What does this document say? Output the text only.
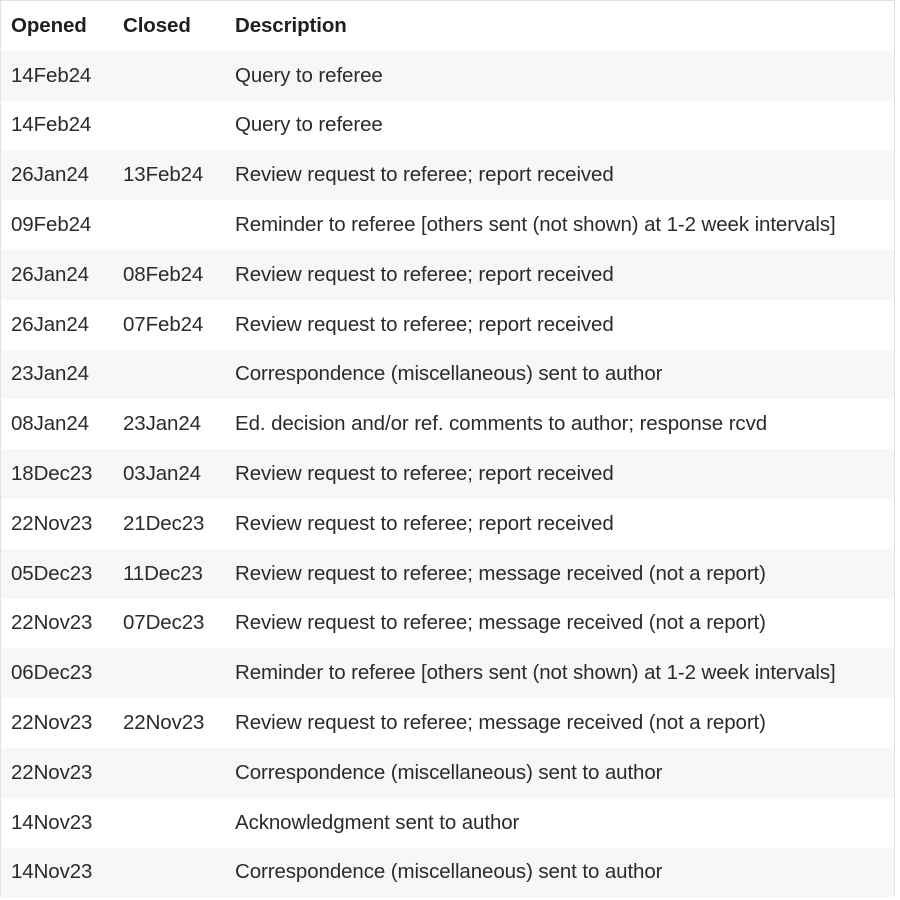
Opened	Closed	Description
14Feb24		Query to referee
14Feb24		Query to referee
26Jan24	13Feb24	Review request to referee; report received
09Feb24		Reminder to referee [others sent (not shown) at 1-2 week intervals]
26Jan24	08Feb24	Review request to referee; report received
26Jan24	07Feb24	Review request to referee; report received
23Jan24		Correspondence (miscellaneous) sent to author
08Jan24	23Jan24	Ed. decision and/or ref. comments to author; response rcvd
18Dec23	03Jan24	Review request to referee; report received
22Nov23	21Dec23	Review request to referee; report received
05Dec23	11Dec23	Review request to referee; message received (not a report)
22Nov23	07Dec23	Review request to referee; message received (not a report)
06Dec23		Reminder to referee [others sent (not shown) at 1-2 week intervals]
22Nov23	22Nov23	Review request to referee; message received (not a report)
22Nov23		Correspondence (miscellaneous) sent to author
14Nov23		Acknowledgment sent to author
14Nov23		Correspondence (miscellaneous) sent to author
